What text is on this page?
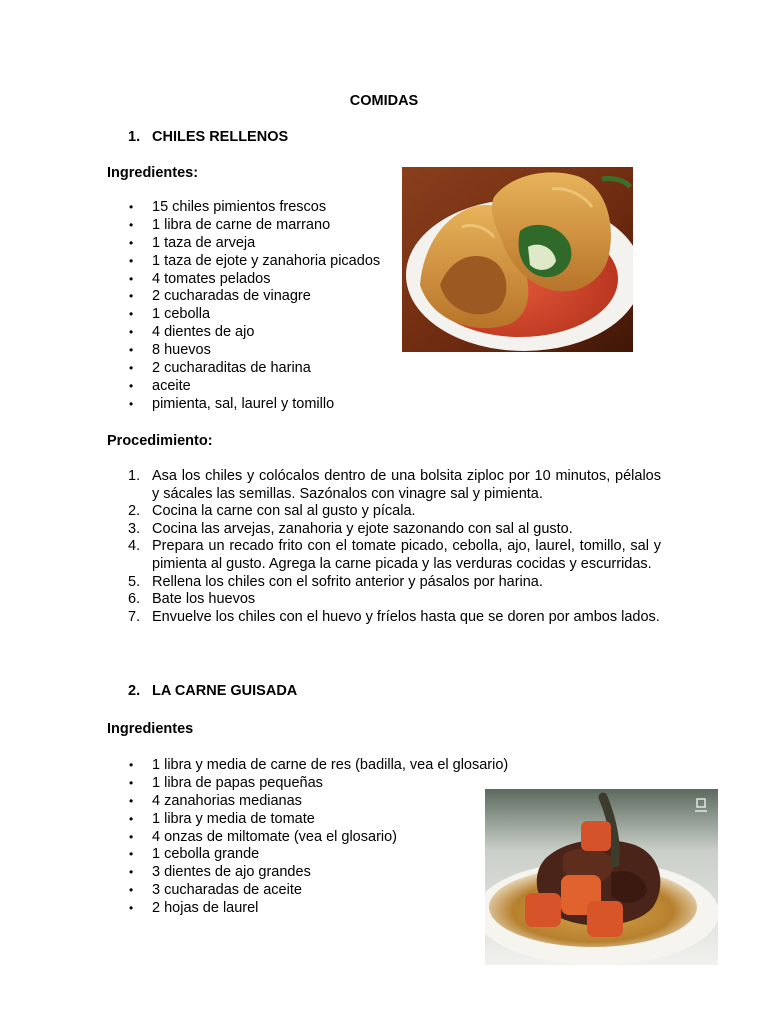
COMIDAS
1. CHILES RELLENOS
Ingredientes:
• 15 chiles pimientos frescos
• 1 libra de carne de marrano
• 1 taza de arveja
• 1 taza de ejote y zanahoria picados
• 4 tomates pelados
• 2 cucharadas de vinagre
• 1 cebolla
• 4 dientes de ajo
• 8 huevos
• 2 cucharaditas de harina
• aceite
• pimienta, sal, laurel y tomillo
Procedimiento:
Asa los chiles y colócalos dentro de una bolsita ziploc por 10 minutos, pélalos y sácales las semillas. Sazónalos con vinagre sal y pimienta.
Cocina la carne con sal al gusto y pícala.
Cocina las arvejas, zanahoria y ejote sazonando con sal al gusto.
Prepara un recado frito con el tomate picado, cebolla, ajo, laurel, tomillo, sal y pimienta al gusto. Agrega la carne picada y las verduras cocidas y escurridas.
Rellena los chiles con el sofrito anterior y pásalos por harina.
Bate los huevos
Envuelve los chiles con el huevo y fríelos hasta que se doren por ambos lados.
2. LA CARNE GUISADA
Ingredientes
• 1 libra y media de carne de res (badilla, vea el glosario)
• 1 libra de papas pequeñas
• 4 zanahorias medianas
• 1 libra y media de tomate
• 4 onzas de miltomate (vea el glosario)
• 1 cebolla grande
• 3 dientes de ajo grandes
• 3 cucharadas de aceite
• 2 hojas de laurel
